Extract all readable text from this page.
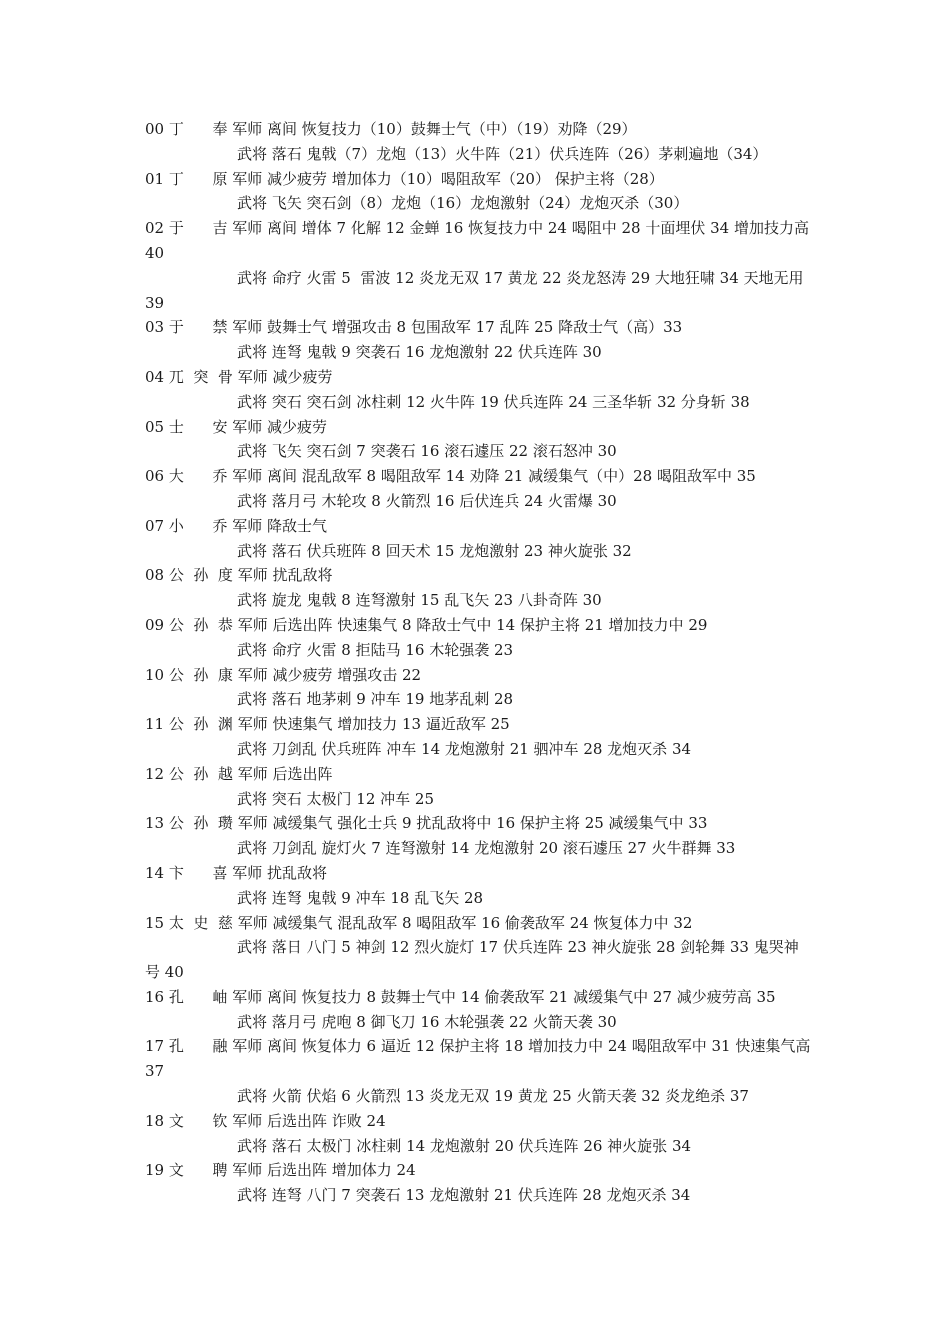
00 丁      奉 军师 离间 恢复技力（10）鼓舞士气（中）（19）劝降（29）

武将 落石 鬼戟（7）龙炮（13）火牛阵（21）伏兵连阵（26）茅刺遍地（34）

01 丁      原 军师 减少疲劳 增加体力（10）喝阻敌军（20） 保护主将（28）

武将 飞矢 突石剑（8）龙炮（16）龙炮激射（24）龙炮灭杀（30）

02 于      吉 军师 离间 增体 7 化解 12 金蝉 16 恢复技力中 24 喝阻中 28 十面埋伏 34 增加技力高 40

武将 命疗 火雷 5  雷波 12 炎龙无双 17 黄龙 22 炎龙怒涛 29 大地狂啸 34 天地无用 39

03 于      禁 军师 鼓舞士气 增强攻击 8 包围敌军 17 乱阵 25 降敌士气（高）33

武将 连弩 鬼戟 9 突袭石 16 龙炮激射 22 伏兵连阵 30

04 兀  突  骨 军师 减少疲劳

武将 突石 突石剑 冰柱刺 12 火牛阵 19 伏兵连阵 24 三圣华斩 32 分身斩 38

05 士      安 军师 减少疲劳

武将 飞矢 突石剑 7 突袭石 16 滚石遽压 22 滚石怒冲 30

06 大      乔 军师 离间 混乱敌军 8 喝阻敌军 14 劝降 21 减缓集气（中）28 喝阻敌军中 35

武将 落月弓 木轮攻 8 火箭烈 16 后伏连兵 24 火雷爆 30

07 小      乔 军师 降敌士气

武将 落石 伏兵班阵 8 回天术 15 龙炮激射 23 神火旋张 32

08 公  孙  度 军师 扰乱敌将

武将 旋龙 鬼戟 8 连弩激射 15 乱飞矢 23 八卦奇阵 30

09 公  孙  恭 军师 后选出阵 快速集气 8 降敌士气中 14 保护主将 21 增加技力中 29

武将 命疗 火雷 8 拒陆马 16 木轮强袭 23

10 公  孙  康 军师 减少疲劳 增强攻击 22

武将 落石 地茅刺 9 冲车 19 地茅乱刺 28

11 公  孙  渊 军师 快速集气 增加技力 13 逼近敌军 25

武将 刀剑乱 伏兵班阵 冲车 14 龙炮激射 21 驷冲车 28 龙炮灭杀 34

12 公  孙  越 军师 后选出阵

武将 突石 太极门 12 冲车 25

13 公  孙  瓒 军师 减缓集气 强化士兵 9 扰乱敌将中 16 保护主将 25 减缓集气中 33

武将 刀剑乱 旋灯火 7 连弩激射 14 龙炮激射 20 滚石遽压 27 火牛群舞 33

14 卞      喜 军师 扰乱敌将

武将 连弩 鬼戟 9 冲车 18 乱飞矢 28

15 太  史  慈 军师 减缓集气 混乱敌军 8 喝阻敌军 16 偷袭敌军 24 恢复体力中 32

武将 落日 八门 5 神剑 12 烈火旋灯 17 伏兵连阵 23 神火旋张 28 剑轮舞 33 鬼哭神号 40

16 孔      岫 军师 离间 恢复技力 8 鼓舞士气中 14 偷袭敌军 21 减缓集气中 27 减少疲劳高 35

武将 落月弓 虎咆 8 御飞刀 16 木轮强袭 22 火箭天袭 30

17 孔      融 军师 离间 恢复体力 6 逼近 12 保护主将 18 增加技力中 24 喝阻敌军中 31 快速集气高 37

武将 火箭 伏焰 6 火箭烈 13 炎龙无双 19 黄龙 25 火箭天袭 32 炎龙绝杀 37

18 文      钦 军师 后选出阵 诈败 24

武将 落石 太极门 冰柱刺 14 龙炮激射 20 伏兵连阵 26 神火旋张 34

19 文      聘 军师 后选出阵 增加体力 24

武将 连弩 八门 7 突袭石 13 龙炮激射 21 伏兵连阵 28 龙炮灭杀 34
